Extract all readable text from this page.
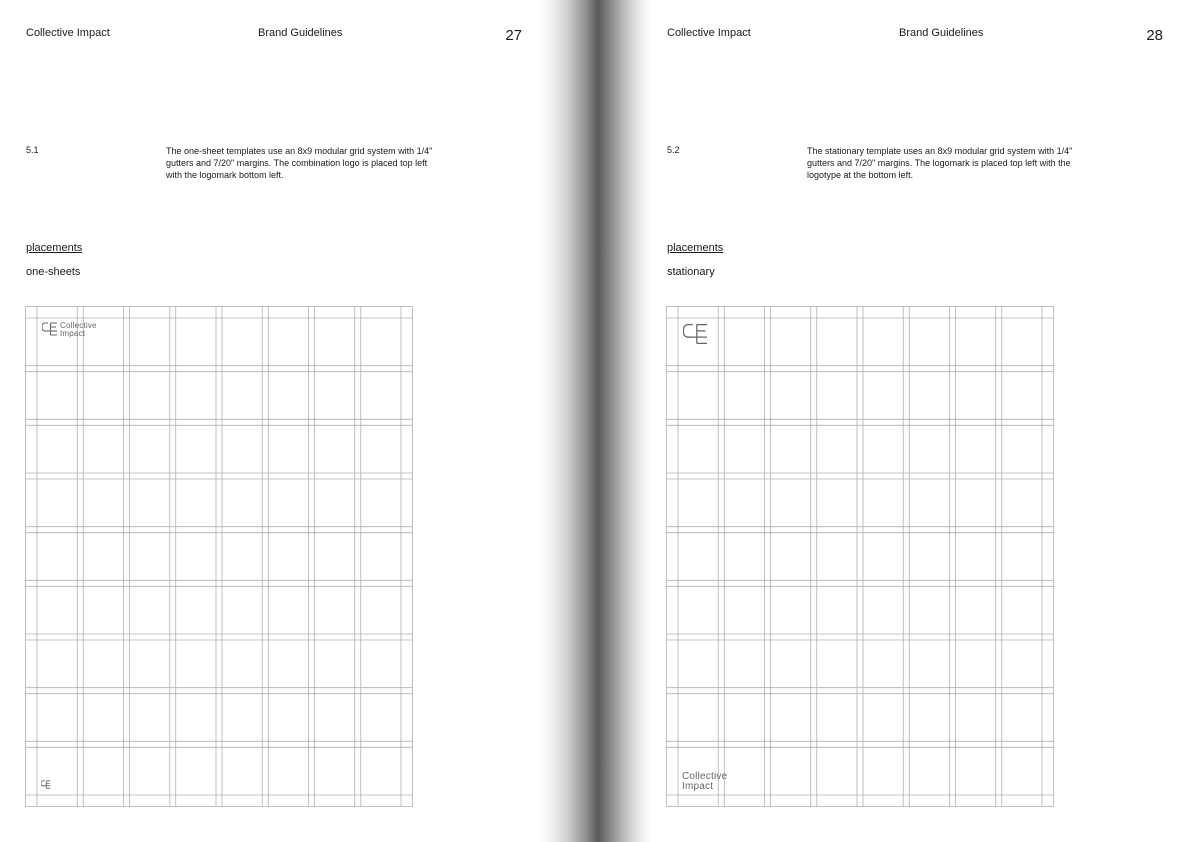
Collective Impact	Brand Guidelines	27
5.1	The one-sheet templates use an 8x9 modular grid system with 1/4" gutters and 7/20" margins. The combination logo is placed top left with the logomark bottom left.
placements
one-sheets
Collective
Impact
Collective Impact	Brand Guidelines	28
5.2	The stationary template uses an 8x9 modular grid system with 1/4" gutters and 7/20" margins. The logomark is placed top left with the logotype at the bottom left.
placements
stationary
Collective
Impact
